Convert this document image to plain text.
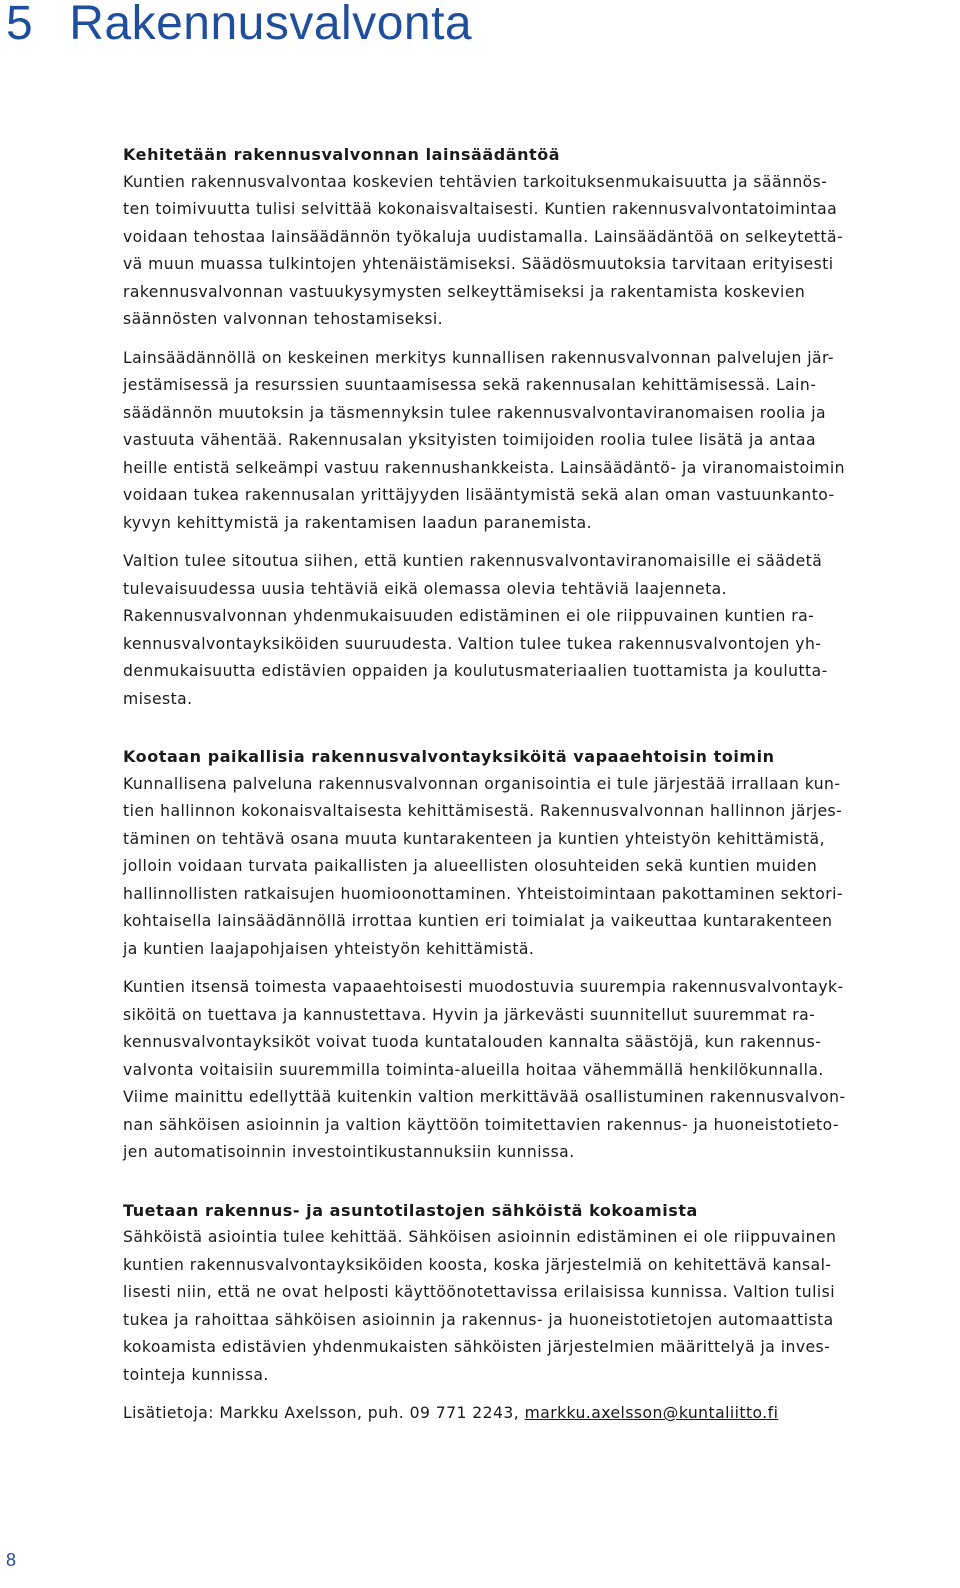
5 Rakennusvalvonta
Kehitetään rakennusvalvonnan lainsäädäntöä

Kuntien rakennusvalvontaa koskevien tehtävien tarkoituksenmukaisuutta ja säännös-
ten toimivuutta tulisi selvittää kokonaisvaltaisesti. Kuntien rakennusvalvontatoimintaa
voidaan tehostaa lainsäädännön työkaluja uudistamalla. Lainsäädäntöä on selkeytettä-
vä muun muassa tulkintojen yhtenäistämiseksi. Säädösmuutoksia tarvitaan erityisesti
rakennusvalvonnan vastuukysymysten selkeyttämiseksi ja rakentamista koskevien
säännösten valvonnan tehostamiseksi.

Lainsäädännöllä on keskeinen merkitys kunnallisen rakennusvalvonnan palvelujen jär-
jestämisessä ja resurssien suuntaamisessa sekä rakennusalan kehittämisessä. Lain-
säädännön muutoksin ja täsmennyksin tulee rakennusvalvontaviranomaisen roolia ja
vastuuta vähentää. Rakennusalan yksityisten toimijoiden roolia tulee lisätä ja antaa
heille entistä selkeämpi vastuu rakennushankkeista. Lainsäädäntö- ja viranomaistoimin
voidaan tukea rakennusalan yrittäjyyden lisääntymistä sekä alan oman vastuunkanto-
kyvyn kehittymistä ja rakentamisen laadun paranemista.

Valtion tulee sitoutua siihen, että kuntien rakennusvalvontaviranomaisille ei säädetä
tulevaisuudessa uusia tehtäviä eikä olemassa olevia tehtäviä laajenneta.
Rakennusvalvonnan yhdenmukaisuuden edistäminen ei ole riippuvainen kuntien ra-
kennusvalvontayksiköiden suuruudesta. Valtion tulee tukea rakennusvalvontojen yh-
denmukaisuutta edistävien oppaiden ja koulutusmateriaalien tuottamista ja koulutta-
misesta.

Kootaan paikallisia rakennusvalvontayksiköitä vapaaehtoisin toimin

Kunnallisena palveluna rakennusvalvonnan organisointia ei tule järjestää irrallaan kun-
tien hallinnon kokonaisvaltaisesta kehittämisestä. Rakennusvalvonnan hallinnon järjes-
täminen on tehtävä osana muuta kuntarakenteen ja kuntien yhteistyön kehittämistä,
jolloin voidaan turvata paikallisten ja alueellisten olosuhteiden sekä kuntien muiden
hallinnollisten ratkaisujen huomioonottaminen. Yhteistoimintaan pakottaminen sektori-
kohtaisella lainsäädännöllä irrottaa kuntien eri toimialat ja vaikeuttaa kuntarakenteen
ja kuntien laajapohjaisen yhteistyön kehittämistä.

Kuntien itsensä toimesta vapaaehtoisesti muodostuvia suurempia rakennusvalvontayk-
siköitä on tuettava ja kannustettava. Hyvin ja järkevästi suunnitellut suuremmat ra-
kennusvalvontayksiköt voivat tuoda kuntatalouden kannalta säästöjä, kun rakennus-
valvonta voitaisiin suuremmilla toiminta-alueilla hoitaa vähemmällä henkilökunnalla.
Viime mainittu edellyttää kuitenkin valtion merkittävää osallistuminen rakennusvalvon-
nan sähköisen asioinnin ja valtion käyttöön toimitettavien rakennus- ja huoneistotieto-
jen automatisoinnin investointikustannuksiin kunnissa.

Tuetaan rakennus- ja asuntotilastojen sähköistä kokoamista

Sähköistä asiointia tulee kehittää. Sähköisen asioinnin edistäminen ei ole riippuvainen
kuntien rakennusvalvontayksiköiden koosta, koska järjestelmiä on kehitettävä kansal-
lisesti niin, että ne ovat helposti käyttöönotettavissa erilaisissa kunnissa. Valtion tulisi
tukea ja rahoittaa sähköisen asioinnin ja rakennus- ja huoneistotietojen automaattista
kokoamista edistävien yhdenmukaisten sähköisten järjestelmien määrittelyä ja inves-
tointeja kunnissa.

Lisätietoja: Markku Axelsson, puh. 09 771 2243, markku.axelsson@kuntaliitto.fi

8
